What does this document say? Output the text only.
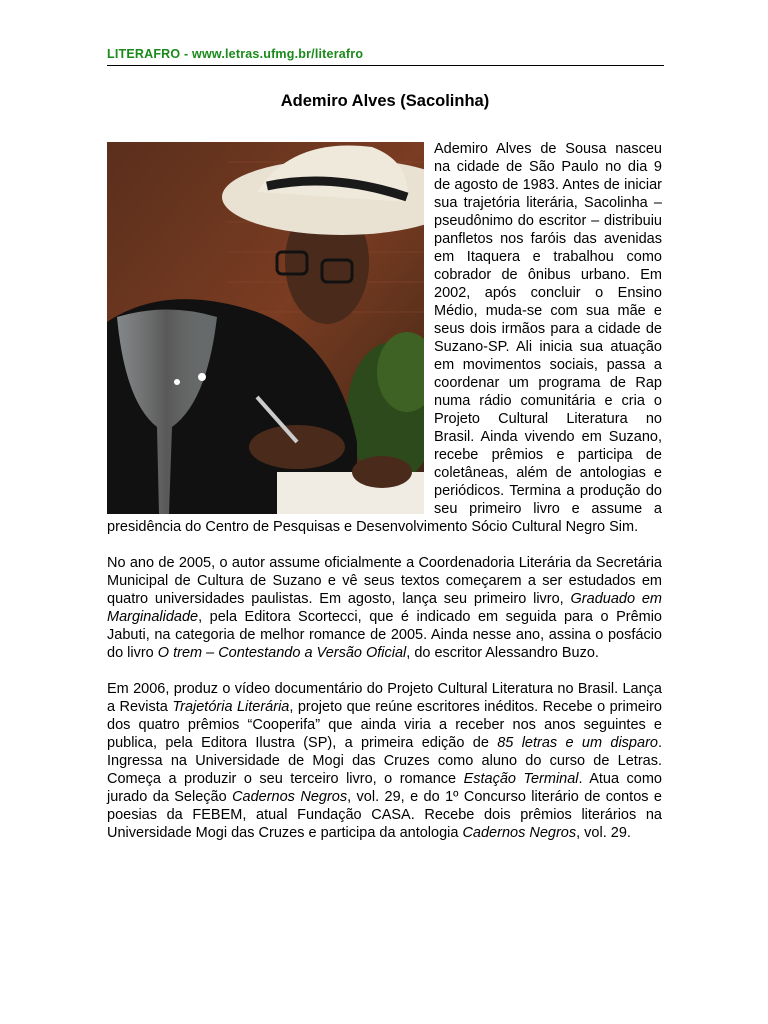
LITERAFRO - www.letras.ufmg.br/literafro
Ademiro Alves (Sacolinha)

Ademiro Alves de Sousa nasceu na cidade de São Paulo no dia 9 de agosto de 1983. Antes de iniciar sua trajetória literária, Sacolinha – pseudônimo do escritor – distribuiu panfletos nos faróis das avenidas em Itaquera e trabalhou como cobrador de ônibus urbano. Em 2002, após concluir o Ensino Médio, muda-se com sua mãe e seus dois irmãos para a cidade de Suzano-SP. Ali inicia sua atuação em movimentos sociais, passa a coordenar um programa de Rap numa rádio comunitária e cria o Projeto Cultural Literatura no Brasil. Ainda vivendo em Suzano, recebe prêmios e participa de coletâneas, além de antologias e periódicos. Termina a produção do seu primeiro livro e assume a presidência do Centro de Pesquisas e Desenvolvimento Sócio Cultural Negro Sim.

No ano de 2005, o autor assume oficialmente a Coordenadoria Literária da Secretária Municipal de Cultura de Suzano e vê seus textos começarem a ser estudados em quatro universidades paulistas. Em agosto, lança seu primeiro livro, Graduado em Marginalidade, pela Editora Scortecci, que é indicado em seguida para o Prêmio Jabuti, na categoria de melhor romance de 2005. Ainda nesse ano, assina o posfácio do livro O trem – Contestando a Versão Oficial, do escritor Alessandro Buzo.

Em 2006, produz o vídeo documentário do Projeto Cultural Literatura no Brasil. Lança a Revista Trajetória Literária, projeto que reúne escritores inéditos. Recebe o primeiro dos quatro prêmios “Cooperifa” que ainda viria a receber nos anos seguintes e publica, pela Editora Ilustra (SP), a primeira edição de 85 letras e um disparo. Ingressa na Universidade de Mogi das Cruzes como aluno do curso de Letras. Começa a produzir o seu terceiro livro, o romance Estação Terminal. Atua como jurado da Seleção Cadernos Negros, vol. 29, e do 1º Concurso literário de contos e poesias da FEBEM, atual Fundação CASA. Recebe dois prêmios literários na Universidade Mogi das Cruzes e participa da antologia Cadernos Negros, vol. 29.
